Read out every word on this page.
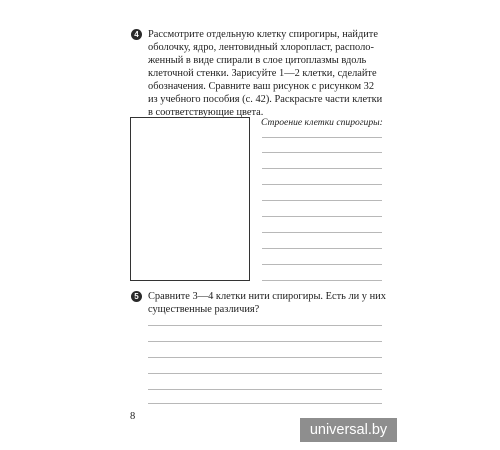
4 Рассмотрите отдельную клетку спирогиры, найдите
оболочку, ядро, лентовидный хлоропласт, располо-
женный в виде спирали в слое цитоплазмы вдоль
клеточной стенки. Зарисуйте 1—2 клетки, сделайте
обозначения. Сравните ваш рисунок с рисунком 32
из учебного пособия (с. 42). Раскрасьте части клетки
в соответствующие цвета.

Строение клетки спирогиры:
5 Сравните 3—4 клетки нити спирогиры. Есть ли у них
существенные различия?

8
universal.by
